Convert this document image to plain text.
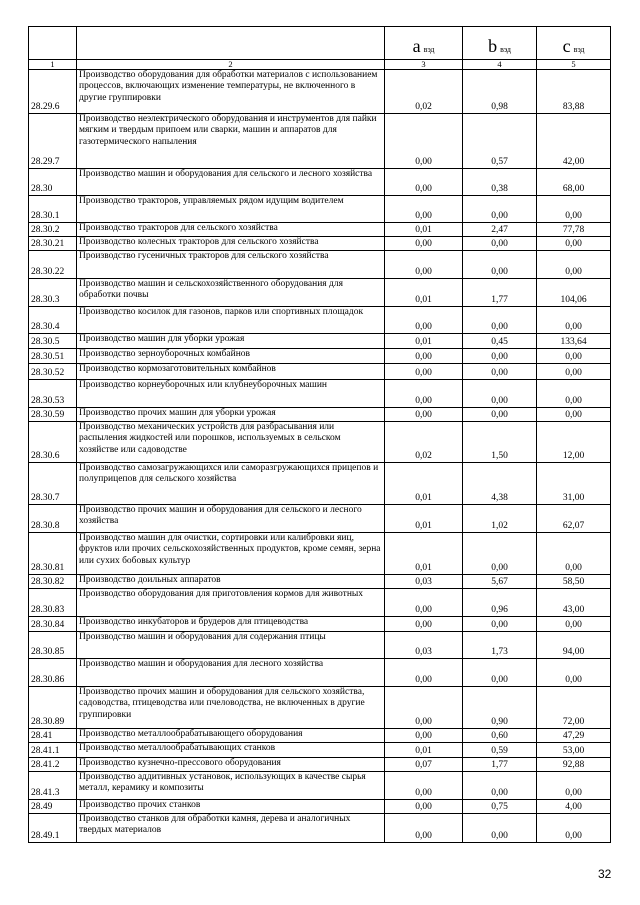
		a вэд	b вэд	c вэд
1	2	3	4	5
28.29.6	Производство оборудования для обработки материалов с использованием процессов, включающих изменение температуры, не включенного в другие группировки	0,02	0,98	83,88
28.29.7	Производство неэлектрического оборудования и инструментов для пайки мягким и твердым припоем или сварки, машин и аппаратов для газотермического напыления	0,00	0,57	42,00
28.30	Производство машин и оборудования для сельского и лесного хозяйства	0,00	0,38	68,00
28.30.1	Производство тракторов, управляемых рядом идущим водителем	0,00	0,00	0,00
28.30.2	Производство тракторов для сельского хозяйства	0,01	2,47	77,78
28.30.21	Производство колесных тракторов для сельского хозяйства	0,00	0,00	0,00
28.30.22	Производство гусеничных тракторов для сельского хозяйства	0,00	0,00	0,00
28.30.3	Производство машин и сельскохозяйственного оборудования для обработки почвы	0,01	1,77	104,06
28.30.4	Производство косилок для газонов, парков или спортивных площадок	0,00	0,00	0,00
28.30.5	Производство машин для уборки урожая	0,01	0,45	133,64
28.30.51	Производство зерноуборочных комбайнов	0,00	0,00	0,00
28.30.52	Производство кормозаготовительных комбайнов	0,00	0,00	0,00
28.30.53	Производство корнеуборочных или клубнеуборочных машин	0,00	0,00	0,00
28.30.59	Производство прочих машин для уборки урожая	0,00	0,00	0,00
28.30.6	Производство механических устройств для разбрасывания или распыления жидкостей или порошков, используемых в сельском хозяйстве или садоводстве	0,02	1,50	12,00
28.30.7	Производство самозагружающихся или саморазгружающихся прицепов и полуприцепов для сельского хозяйства	0,01	4,38	31,00
28.30.8	Производство прочих машин и оборудования для сельского и лесного хозяйства	0,01	1,02	62,07
28.30.81	Производство машин для очистки, сортировки или калибровки яиц, фруктов или прочих сельскохозяйственных продуктов, кроме семян, зерна или сухих бобовых культур	0,01	0,00	0,00
28.30.82	Производство доильных аппаратов	0,03	5,67	58,50
28.30.83	Производство оборудования для приготовления кормов для животных	0,00	0,96	43,00
28.30.84	Производство инкубаторов и брудеров для птицеводства	0,00	0,00	0,00
28.30.85	Производство машин и оборудования для содержания птицы	0,03	1,73	94,00
28.30.86	Производство машин и оборудования для лесного хозяйства	0,00	0,00	0,00
28.30.89	Производство прочих машин и оборудования для сельского хозяйства, садоводства, птицеводства или пчеловодства, не включенных в другие группировки	0,00	0,90	72,00
28.41	Производство металлообрабатывающего оборудования	0,00	0,60	47,29
28.41.1	Производство металлообрабатывающих станков	0,01	0,59	53,00
28.41.2	Производство кузнечно-прессового оборудования	0,07	1,77	92,88
28.41.3	Производство аддитивных установок, использующих в качестве сырья металл, керамику и композиты	0,00	0,00	0,00
28.49	Производство прочих станков	0,00	0,75	4,00
28.49.1	Производство станков для обработки камня, дерева и аналогичных твердых материалов	0,00	0,00	0,00
32
